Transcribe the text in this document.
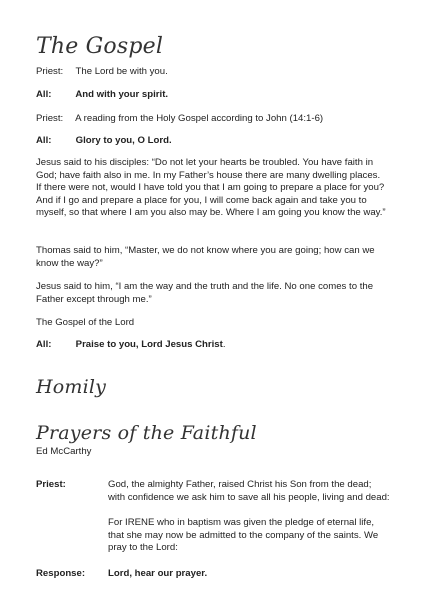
The Gospel
Priest: The Lord be with you.
All: And with your spirit.
Priest: A reading from the Holy Gospel according to John (14:1-6)
All:	Glory to you, O Lord.
Jesus said to his disciples: “Do not let your hearts be troubled. You have faith in God; have faith also in me. In my Father’s house there are many dwelling places. If there were not, would I have told you that I am going to prepare a place for you? And if I go and prepare a place for you, I will come back again and take you to myself, so that where I am you also may be. Where I am going you know the way.”
Thomas said to him, “Master, we do not know where you are going; how can we know the way?”
Jesus said to him, “I am the way and the truth and the life. No one comes to the Father except through me.”
The Gospel of the Lord
All:	Praise to you, Lord Jesus Christ.
Homily
Prayers of the Faithful
Ed McCarthy
Priest:	God, the almighty Father, raised Christ his Son from the dead; with confidence we ask him to save all his people, living and dead:
For IRENE who in baptism was given the pledge of eternal life, that she may now be admitted to the company of the saints. We pray to the Lord:
Response: Lord, hear our prayer.
